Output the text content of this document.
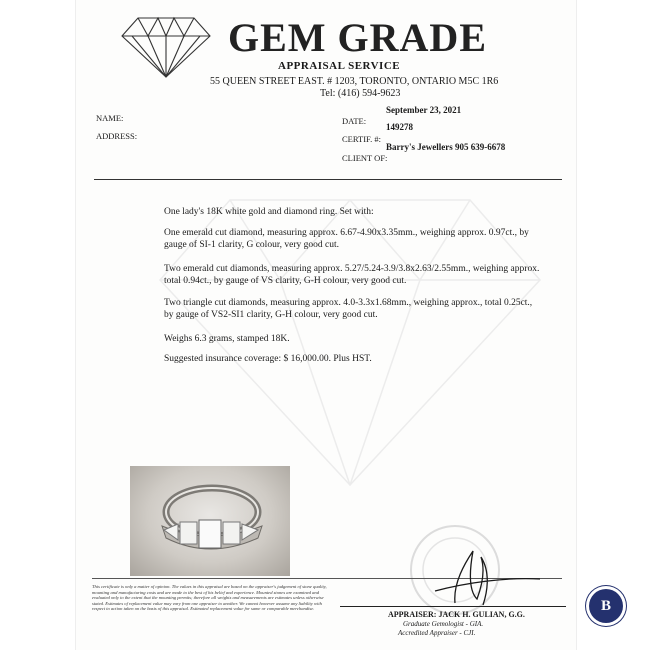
GEM GRADE
APPRAISAL SERVICE
55 QUEEN STREET EAST. # 1203, TORONTO, ONTARIO M5C 1R6
Tel: (416) 594-9623
September 23, 2021
NAME:	DATE:
149278
ADDRESS:	CERTIF. #:
Barry's Jewellers 905 639-6678
CLIENT OF:
One lady's 18K white gold and diamond ring. Set with:
One emerald cut diamond, measuring approx. 6.67-4.90x3.35mm., weighing approx. 0.97ct., by gauge of SI-1 clarity, G colour, very good cut.
Two emerald cut diamonds, measuring approx. 5.27/5.24-3.9/3.8x2.63/2.55mm., weighing approx. total 0.94ct., by gauge of VS clarity, G-H colour, very good cut.
Two triangle cut diamonds, measuring approx. 4.0-3.3x1.68mm., weighing approx., total 0.25ct., by gauge of VS2-SI1 clarity, G-H colour, very good cut.
Weighs 6.3 grams, stamped 18K.
Suggested insurance coverage: $ 16,000.00. Plus HST.
This certificate is only a matter of opinion. The values in this appraisal are based on the appraiser's judgement of stone quality, mounting and manufacturing costs and are made to the best of his belief and experience. Mounted stones are examined and evaluated only to the extent that the mounting permits; therefore all weights and measurements are estimates unless otherwise stated. Estimates of replacement value may vary from one appraiser to another. We cannot however assume any liability with respect to action taken on the basis of this appraisal. Estimated replacement value for same or comparable merchandise.
APPRAISER: JACK H. GULIAN, G.G.
Graduate Gemologist - GIA.
Accredited Appraiser - CJI.
B
